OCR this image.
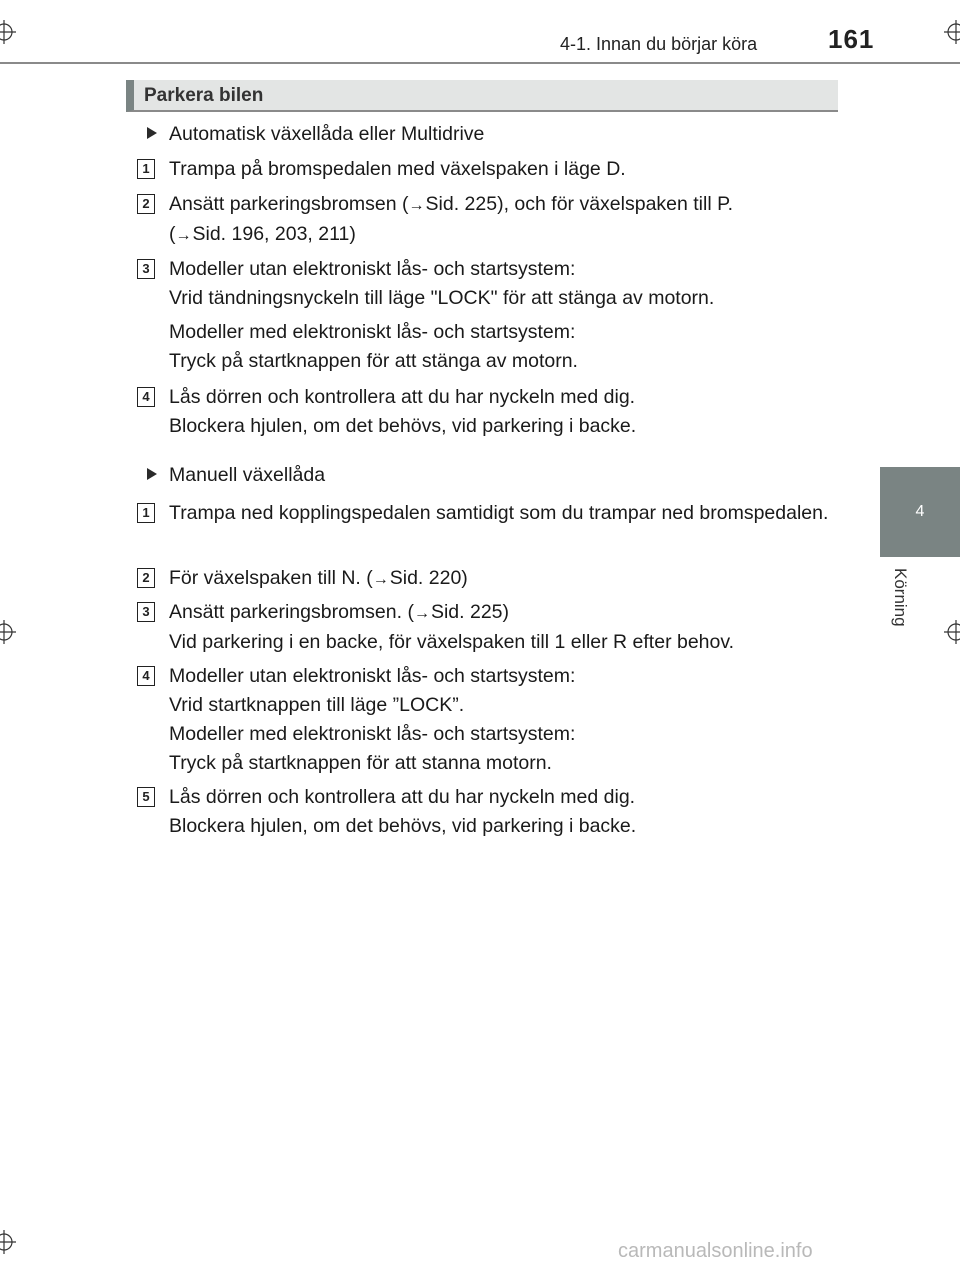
4-1. Innan du börjar köra	161
4
Körning
Parkera bilen
Automatisk växellåda eller Multidrive
1 Trampa på bromspedalen med växelspaken i läge D.
2 Ansätt parkeringsbromsen (→Sid. 225), och för växelspaken till P.
(→Sid. 196, 203, 211)
3 Modeller utan elektroniskt lås- och startsystem:
Vrid tändningsnyckeln till läge "LOCK" för att stänga av motorn.
Modeller med elektroniskt lås- och startsystem:
Tryck på startknappen för att stänga av motorn.
4 Lås dörren och kontrollera att du har nyckeln med dig.
Blockera hjulen, om det behövs, vid parkering i backe.
Manuell växellåda
1 Trampa ned kopplingspedalen samtidigt som du trampar ned bromspedalen.
2 För växelspaken till N. (→Sid. 220)
3 Ansätt parkeringsbromsen. (→Sid. 225)
Vid parkering i en backe, för växelspaken till 1 eller R efter behov.
4 Modeller utan elektroniskt lås- och startsystem:
Vrid startknappen till läge ”LOCK”.
Modeller med elektroniskt lås- och startsystem:
Tryck på startknappen för att stanna motorn.
5 Lås dörren och kontrollera att du har nyckeln med dig.
Blockera hjulen, om det behövs, vid parkering i backe.
carmanualsonline.info
